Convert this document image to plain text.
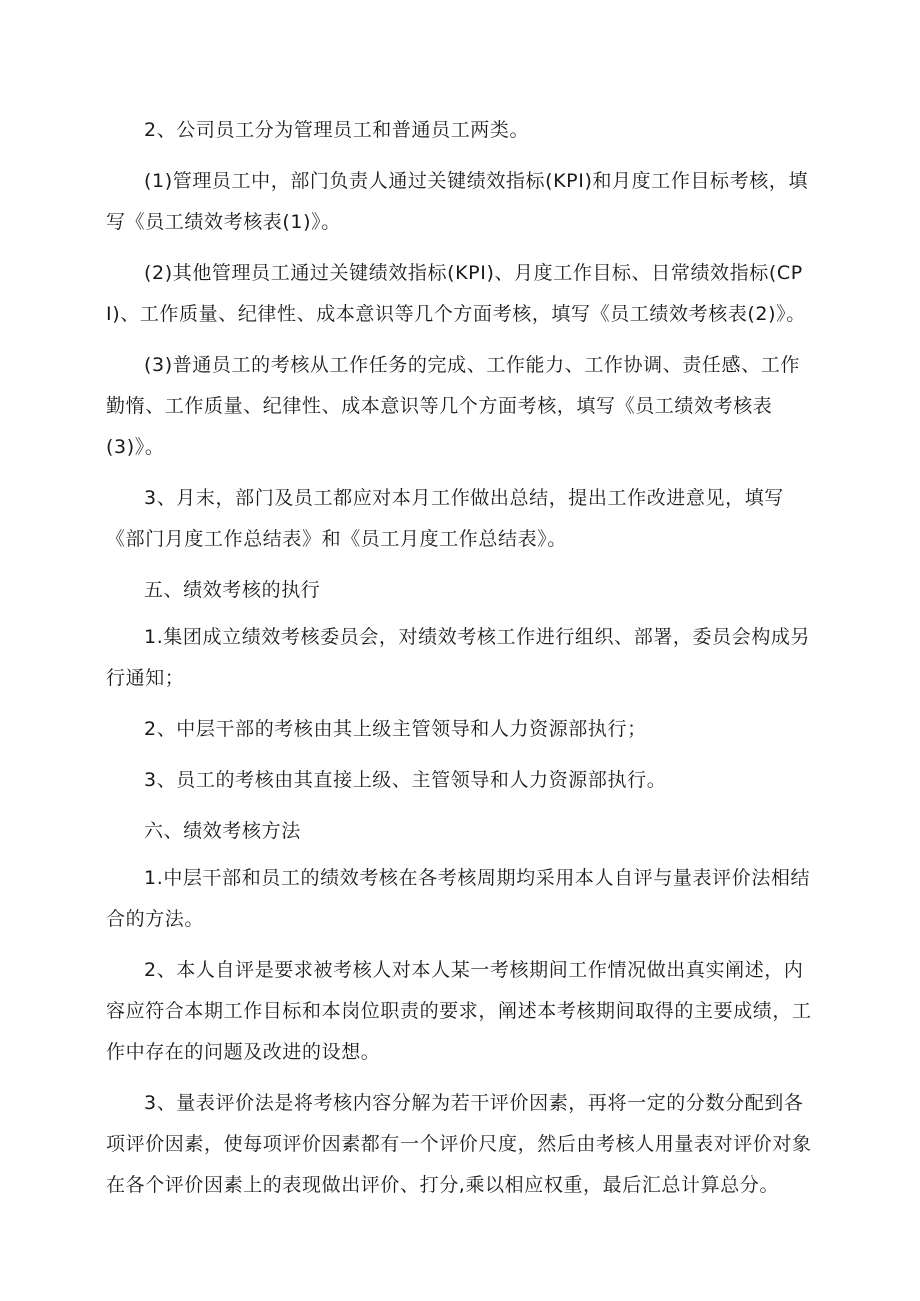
2、公司员工分为管理员工和普通员工两类。

(1)管理员工中，部门负责人通过关键绩效指标(KPI)和月度工作目标考核，填写《员工绩效考核表(1)》。

(2)其他管理员工通过关键绩效指标(KPI)、月度工作目标、日常绩效指标(CPI)、工作质量、纪律性、成本意识等几个方面考核，填写《员工绩效考核表(2)》。

(3)普通员工的考核从工作任务的完成、工作能力、工作协调、责任感、工作勤惰、工作质量、纪律性、成本意识等几个方面考核，填写《员工绩效考核表(3)》。

3、月末，部门及员工都应对本月工作做出总结，提出工作改进意见，填写《部门月度工作总结表》和《员工月度工作总结表》。

五、绩效考核的执行

1.集团成立绩效考核委员会，对绩效考核工作进行组织、部署，委员会构成另行通知；

2、中层干部的考核由其上级主管领导和人力资源部执行；

3、员工的考核由其直接上级、主管领导和人力资源部执行。

六、绩效考核方法

1.中层干部和员工的绩效考核在各考核周期均采用本人自评与量表评价法相结合的方法。

2、本人自评是要求被考核人对本人某一考核期间工作情况做出真实阐述，内容应符合本期工作目标和本岗位职责的要求，阐述本考核期间取得的主要成绩，工作中存在的问题及改进的设想。

3、量表评价法是将考核内容分解为若干评价因素，再将一定的分数分配到各项评价因素，使每项评价因素都有一个评价尺度，然后由考核人用量表对评价对象在各个评价因素上的表现做出评价、打分,乘以相应权重，最后汇总计算总分。
